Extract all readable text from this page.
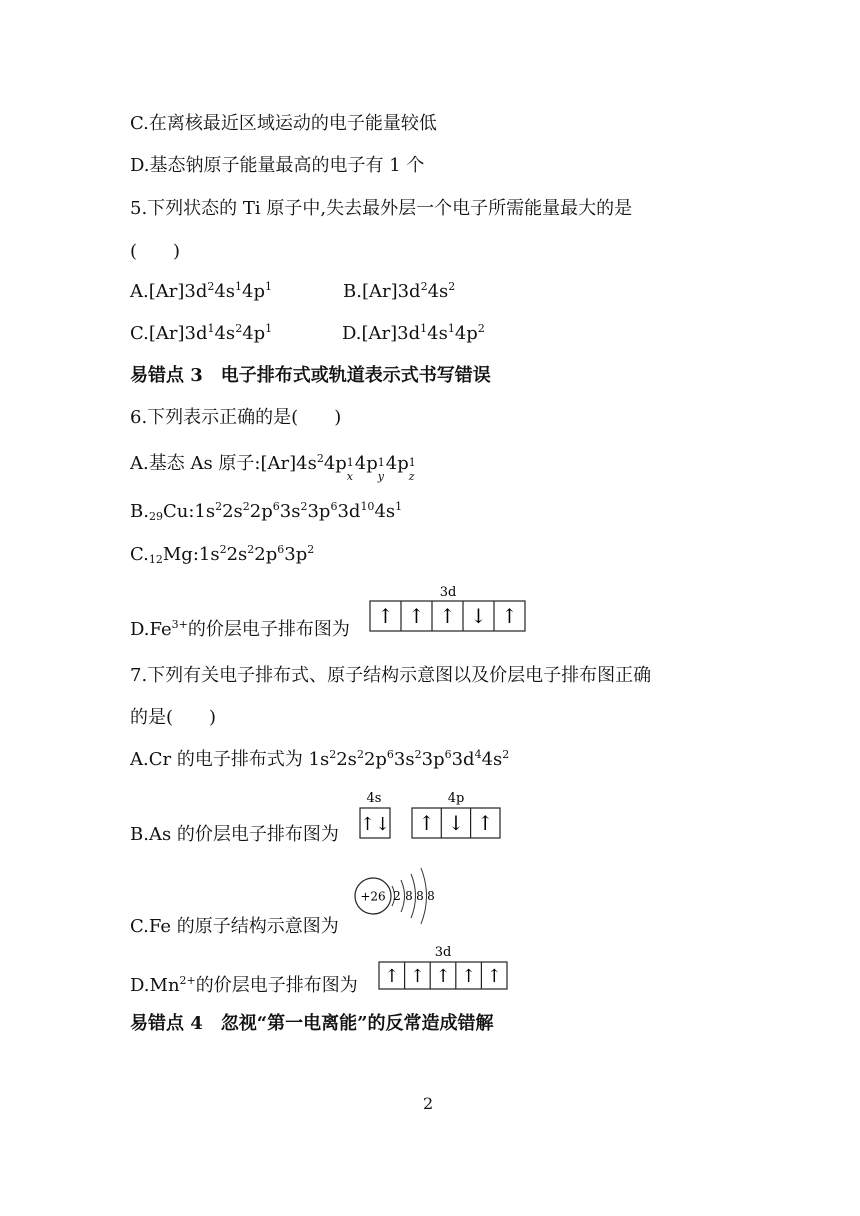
C.在离核最近区域运动的电子能量较低
D.基态钠原子能量最高的电子有 1 个
5.下列状态的 Ti 原子中,失去最外层一个电子所需能量最大的是
(　　)
$A.[Ar]3d^24s^14p^1$	$B.[Ar]3d^24s^2$
$C.[Ar]3d^14s^24p^1$	$D.[Ar]3d^14s^14p^2$
易错点 3　电子排布式或轨道表示式书写错误
6.下列表示正确的是(　　)
A.基态 As 原子$:[Ar]4s^24p$ 1
x
4p 1
y
4p 1
z
$B._{29}Cu:1s^22s^22p^63s^23p^63d^{10}4s^1$
$C._{12}Mg:1s^22s^22p^63p^2$
$D.Fe^{3+}$的价层电子排布图为
3d
↑ ↑ ↑ ↓ ↑
7.下列有关电子排布式、原子结构示意图以及价层电子排布图正确
的是(　　)
A.Cr 的电子排布式为 $1s^22s^22p^63s^23p^63d^44s^2$
B.As 的价层电子排布图为
4s	4p
↑↓ ↑ ↓ ↑
C.Fe 的原子结构示意图为
+26 2 8 8 8
$D.Mn^{2+}$的价层电子排布图为
3d
↑ ↑ ↑ ↑ ↑
易错点 4　忽视“第一电离能”的反常造成错解
2
